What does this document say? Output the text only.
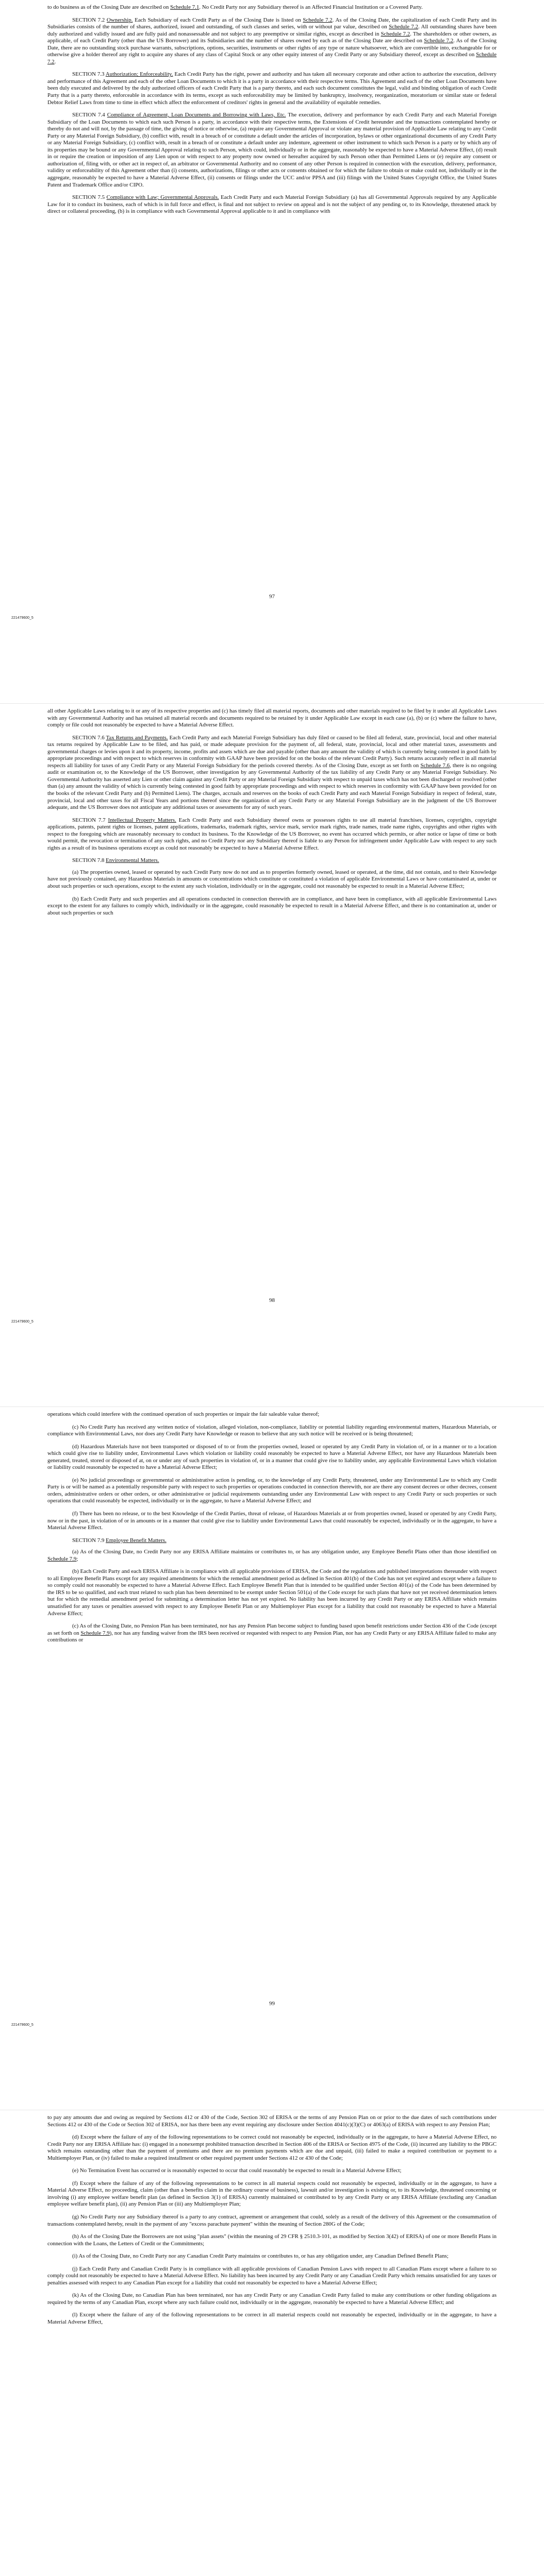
to do business as of the Closing Date are described on Schedule 7.1. No Credit Party nor any Subsidiary thereof is an Affected Financial Institution or a Covered Party.

SECTION 7.2 Ownership. Each Subsidiary of each Credit Party as of the Closing Date is listed on Schedule 7.2. As of the Closing Date, the capitalization of each Credit Party and its Subsidiaries consists of the number of shares, authorized, issued and outstanding, of such classes and series, with or without par value, described on Schedule 7.2. All outstanding shares have been duly authorized and validly issued and are fully paid and nonassessable and not subject to any preemptive or similar rights, except as described in Schedule 7.2. The shareholders or other owners, as applicable, of each Credit Party (other than the US Borrower) and its Subsidiaries and the number of shares owned by each as of the Closing Date are described on Schedule 7.2. As of the Closing Date, there are no outstanding stock purchase warrants, subscriptions, options, securities, instruments or other rights of any type or nature whatsoever, which are convertible into, exchangeable for or otherwise give a holder thereof any right to acquire any shares of any class of Capital Stock or any other equity interest of any Credit Party or any Subsidiary thereof, except as described on Schedule 7.2.

SECTION 7.3 Authorization; Enforceability. Each Credit Party has the right, power and authority and has taken all necessary corporate and other action to authorize the execution, delivery and performance of this Agreement and each of the other Loan Documents to which it is a party in accordance with their respective terms. This Agreement and each of the other Loan Documents have been duly executed and delivered by the duly authorized officers of each Credit Party that is a party thereto, and each such document constitutes the legal, valid and binding obligation of each Credit Party that is a party thereto, enforceable in accordance with its terms, except as such enforceability may be limited by bankruptcy, insolvency, reorganization, moratorium or similar state or federal Debtor Relief Laws from time to time in effect which affect the enforcement of creditors' rights in general and the availability of equitable remedies.

SECTION 7.4 Compliance of Agreement, Loan Documents and Borrowing with Laws, Etc. The execution, delivery and performance by each Credit Party and each Material Foreign Subsidiary of the Loan Documents to which each such Person is a party, in accordance with their respective terms, the Extensions of Credit hereunder and the transactions contemplated hereby or thereby do not and will not, by the passage of time, the giving of notice or otherwise, (a) require any Governmental Approval or violate any material provision of Applicable Law relating to any Credit Party or any Material Foreign Subsidiary, (b) conflict with, result in a breach of or constitute a default under the articles of incorporation, bylaws or other organizational documents of any Credit Party or any Material Foreign Subsidiary, (c) conflict with, result in a breach of or constitute a default under any indenture, agreement or other instrument to which such Person is a party or by which any of its properties may be bound or any Governmental Approval relating to such Person, which could, individually or in the aggregate, reasonably be expected to have a Material Adverse Effect, (d) result in or require the creation or imposition of any Lien upon or with respect to any property now owned or hereafter acquired by such Person other than Permitted Liens or (e) require any consent or authorization of, filing with, or other act in respect of, an arbitrator or Governmental Authority and no consent of any other Person is required in connection with the execution, delivery, performance, validity or enforceability of this Agreement other than (i) consents, authorizations, filings or other acts or consents obtained or for which the failure to obtain or make could not, individually or in the aggregate, reasonably be expected to have a Material Adverse Effect, (ii) consents or filings under the UCC and/or PPSA and (iii) filings with the United States Copyright Office, the United States Patent and Trademark Office and/or CIPO.

SECTION 7.5 Compliance with Law; Governmental Approvals. Each Credit Party and each Material Foreign Subsidiary (a) has all Governmental Approvals required by any Applicable Law for it to conduct its business, each of which is in full force and effect, is final and not subject to review on appeal and is not the subject of any pending or, to its Knowledge, threatened attack by direct or collateral proceeding, (b) is in compliance with each Governmental Approval applicable to it and in compliance with

97
221479600_5

all other Applicable Laws relating to it or any of its respective properties and (c) has timely filed all material reports, documents and other materials required to be filed by it under all Applicable Laws with any Governmental Authority and has retained all material records and documents required to be retained by it under Applicable Law except in each case (a), (b) or (c) where the failure to have, comply or file could not reasonably be expected to have a Material Adverse Effect.

SECTION 7.6 Tax Returns and Payments. Each Credit Party and each Material Foreign Subsidiary has duly filed or caused to be filed all federal, state, provincial, local and other material tax returns required by Applicable Law to be filed, and has paid, or made adequate provision for the payment of, all federal, state, provincial, local and other material taxes, assessments and governmental charges or levies upon it and its property, income, profits and assets which are due and payable (other than any amount the validity of which is currently being contested in good faith by appropriate proceedings and with respect to which reserves in conformity with GAAP have been provided for on the books of the relevant Credit Party). Such returns accurately reflect in all material respects all liability for taxes of any Credit Party or any Material Foreign Subsidiary for the periods covered thereby. As of the Closing Date, except as set forth on Schedule 7.6, there is no ongoing audit or examination or, to the Knowledge of the US Borrower, other investigation by any Governmental Authority of the tax liability of any Credit Party or any Material Foreign Subsidiary. No Governmental Authority has asserted any Lien or other claim against any Credit Party or any Material Foreign Subsidiary with respect to unpaid taxes which has not been discharged or resolved (other than (a) any amount the validity of which is currently being contested in good faith by appropriate proceedings and with respect to which reserves in conformity with GAAP have been provided for on the books of the relevant Credit Party and (b) Permitted Liens). The charges, accruals and reserves on the books of each Credit Party and each Material Foreign Subsidiary in respect of federal, state, provincial, local and other taxes for all Fiscal Years and portions thereof since the organization of any Credit Party or any Material Foreign Subsidiary are in the judgment of the US Borrower adequate, and the US Borrower does not anticipate any additional taxes or assessments for any of such years.

SECTION 7.7 Intellectual Property Matters. Each Credit Party and each Subsidiary thereof owns or possesses rights to use all material franchises, licenses, copyrights, copyright applications, patents, patent rights or licenses, patent applications, trademarks, trademark rights, service mark, service mark rights, trade names, trade name rights, copyrights and other rights with respect to the foregoing which are reasonably necessary to conduct its business. To the Knowledge of the US Borrower, no event has occurred which permits, or after notice or lapse of time or both would permit, the revocation or termination of any such rights, and no Credit Party nor any Subsidiary thereof is liable to any Person for infringement under Applicable Law with respect to any such rights as a result of its business operations except as could not reasonably be expected to have a Material Adverse Effect.

SECTION 7.8 Environmental Matters.

(a) The properties owned, leased or operated by each Credit Party now do not and as to properties formerly owned, leased or operated, at the time, did not contain, and to their Knowledge have not previously contained, any Hazardous Materials in amounts or concentrations which constitute or constituted a violation of applicable Environmental Laws or have contaminated at, under or about such properties or such operations, except to the extent any such violation, individually or in the aggregate, could not reasonably be expected to result in a Material Adverse Effect;

(b) Each Credit Party and such properties and all operations conducted in connection therewith are in compliance, and have been in compliance, with all applicable Environmental Laws except to the extent for any failures to comply which, individually or in the aggregate, could reasonably be expected to result in a Material Adverse Effect, and there is no contamination at, under or about such properties or such

98
221479600_5

operations which could interfere with the continued operation of such properties or impair the fair saleable value thereof;

(c) No Credit Party has received any written notice of violation, alleged violation, non-compliance, liability or potential liability regarding environmental matters, Hazardous Materials, or compliance with Environmental Laws, nor does any Credit Party have Knowledge or reason to believe that any such notice will be received or is being threatened;

(d) Hazardous Materials have not been transported or disposed of to or from the properties owned, leased or operated by any Credit Party in violation of, or in a manner or to a location which could give rise to liability under, Environmental Laws which violation or liability could reasonably be expected to have a Material Adverse Effect, nor have any Hazardous Materials been generated, treated, stored or disposed of at, on or under any of such properties in violation of, or in a manner that could give rise to liability under, any applicable Environmental Laws which violation or liability could reasonably be expected to have a Material Adverse Effect;

(e) No judicial proceedings or governmental or administrative action is pending, or, to the knowledge of any Credit Party, threatened, under any Environmental Law to which any Credit Party is or will be named as a potentially responsible party with respect to such properties or operations conducted in connection therewith, nor are there any consent decrees or other decrees, consent orders, administrative orders or other orders, or other administrative or judicial requirements outstanding under any Environmental Law with respect to any Credit Party or such properties or such operations that could reasonably be expected, individually or in the aggregate, to have a Material Adverse Effect; and

(f) There has been no release, or to the best Knowledge of the Credit Parties, threat of release, of Hazardous Materials at or from properties owned, leased or operated by any Credit Party, now or in the past, in violation of or in amounts or in a manner that could give rise to liability under Environmental Laws that could reasonably be expected, individually or in the aggregate, to have a Material Adverse Effect.

SECTION 7.9 Employee Benefit Matters.

(a) As of the Closing Date, no Credit Party nor any ERISA Affiliate maintains or contributes to, or has any obligation under, any Employee Benefit Plans other than those identified on Schedule 7.9;

(b) Each Credit Party and each ERISA Affiliate is in compliance with all applicable provisions of ERISA, the Code and the regulations and published interpretations thereunder with respect to all Employee Benefit Plans except for any required amendments for which the remedial amendment period as defined in Section 401(b) of the Code has not yet expired and except where a failure to so comply could not reasonably be expected to have a Material Adverse Effect. Each Employee Benefit Plan that is intended to be qualified under Section 401(a) of the Code has been determined by the IRS to be so qualified, and each trust related to such plan has been determined to be exempt under Section 501(a) of the Code except for such plans that have not yet received determination letters but for which the remedial amendment period for submitting a determination letter has not yet expired. No liability has been incurred by any Credit Party or any ERISA Affiliate which remains unsatisfied for any taxes or penalties assessed with respect to any Employee Benefit Plan or any Multiemployer Plan except for a liability that could not reasonably be expected to have a Material Adverse Effect;

(c) As of the Closing Date, no Pension Plan has been terminated, nor has any Pension Plan become subject to funding based upon benefit restrictions under Section 436 of the Code (except as set forth on Schedule 7.9), nor has any funding waiver from the IRS been received or requested with respect to any Pension Plan, nor has any Credit Party or any ERISA Affiliate failed to make any contributions or

99
221479600_5

to pay any amounts due and owing as required by Sections 412 or 430 of the Code, Section 302 of ERISA or the terms of any Pension Plan on or prior to the due dates of such contributions under Sections 412 or 430 of the Code or Section 302 of ERISA, nor has there been any event requiring any disclosure under Section 4041(c)(3)(C) or 4063(a) of ERISA with respect to any Pension Plan;

(d) Except where the failure of any of the following representations to be correct could not reasonably be expected, individually or in the aggregate, to have a Material Adverse Effect, no Credit Party nor any ERISA Affiliate has: (i) engaged in a nonexempt prohibited transaction described in Section 406 of the ERISA or Section 4975 of the Code, (ii) incurred any liability to the PBGC which remains outstanding other than the payment of premiums and there are no premium payments which are due and unpaid, (iii) failed to make a required contribution or payment to a Multiemployer Plan, or (iv) failed to make a required installment or other required payment under Sections 412 or 430 of the Code;

(e) No Termination Event has occurred or is reasonably expected to occur that could reasonably be expected to result in a Material Adverse Effect;

(f) Except where the failure of any of the following representations to be correct in all material respects could not reasonably be expected, individually or in the aggregate, to have a Material Adverse Effect, no proceeding, claim (other than a benefits claim in the ordinary course of business), lawsuit and/or investigation is existing or, to its Knowledge, threatened concerning or involving (i) any employee welfare benefit plan (as defined in Section 3(1) of ERISA) currently maintained or contributed to by any Credit Party or any ERISA Affiliate (excluding any Canadian employee welfare benefit plan), (ii) any Pension Plan or (iii) any Multiemployer Plan;

(g) No Credit Party nor any Subsidiary thereof is a party to any contract, agreement or arrangement that could, solely as a result of the delivery of this Agreement or the consummation of transactions contemplated hereby, result in the payment of any "excess parachute payment" within the meaning of Section 280G of the Code;

(h) As of the Closing Date the Borrowers are not using "plan assets" (within the meaning of 29 CFR § 2510.3-101, as modified by Section 3(42) of ERISA) of one or more Benefit Plans in connection with the Loans, the Letters of Credit or the Commitments;

(i) As of the Closing Date, no Credit Party nor any Canadian Credit Party maintains or contributes to, or has any obligation under, any Canadian Defined Benefit Plans;

(j) Each Credit Party and Canadian Credit Party is in compliance with all applicable provisions of Canadian Pension Laws with respect to all Canadian Plans except where a failure to so comply could not reasonably be expected to have a Material Adverse Effect. No liability has been incurred by any Credit Party or any Canadian Credit Party which remains unsatisfied for any taxes or penalties assessed with respect to any Canadian Plan except for a liability that could not reasonably be expected to have a Material Adverse Effect;

(k) As of the Closing Date, no Canadian Plan has been terminated, nor has any Credit Party or any Canadian Credit Party failed to make any contributions or other funding obligations as required by the terms of any Canadian Plan, except where any such failure could not, individually or in the aggregate, reasonably be expected to have a Material Adverse Effect; and

(l) Except where the failure of any of the following representations to be correct in all material respects could not reasonably be expected, individually or in the aggregate, to have a Material Adverse Effect,
